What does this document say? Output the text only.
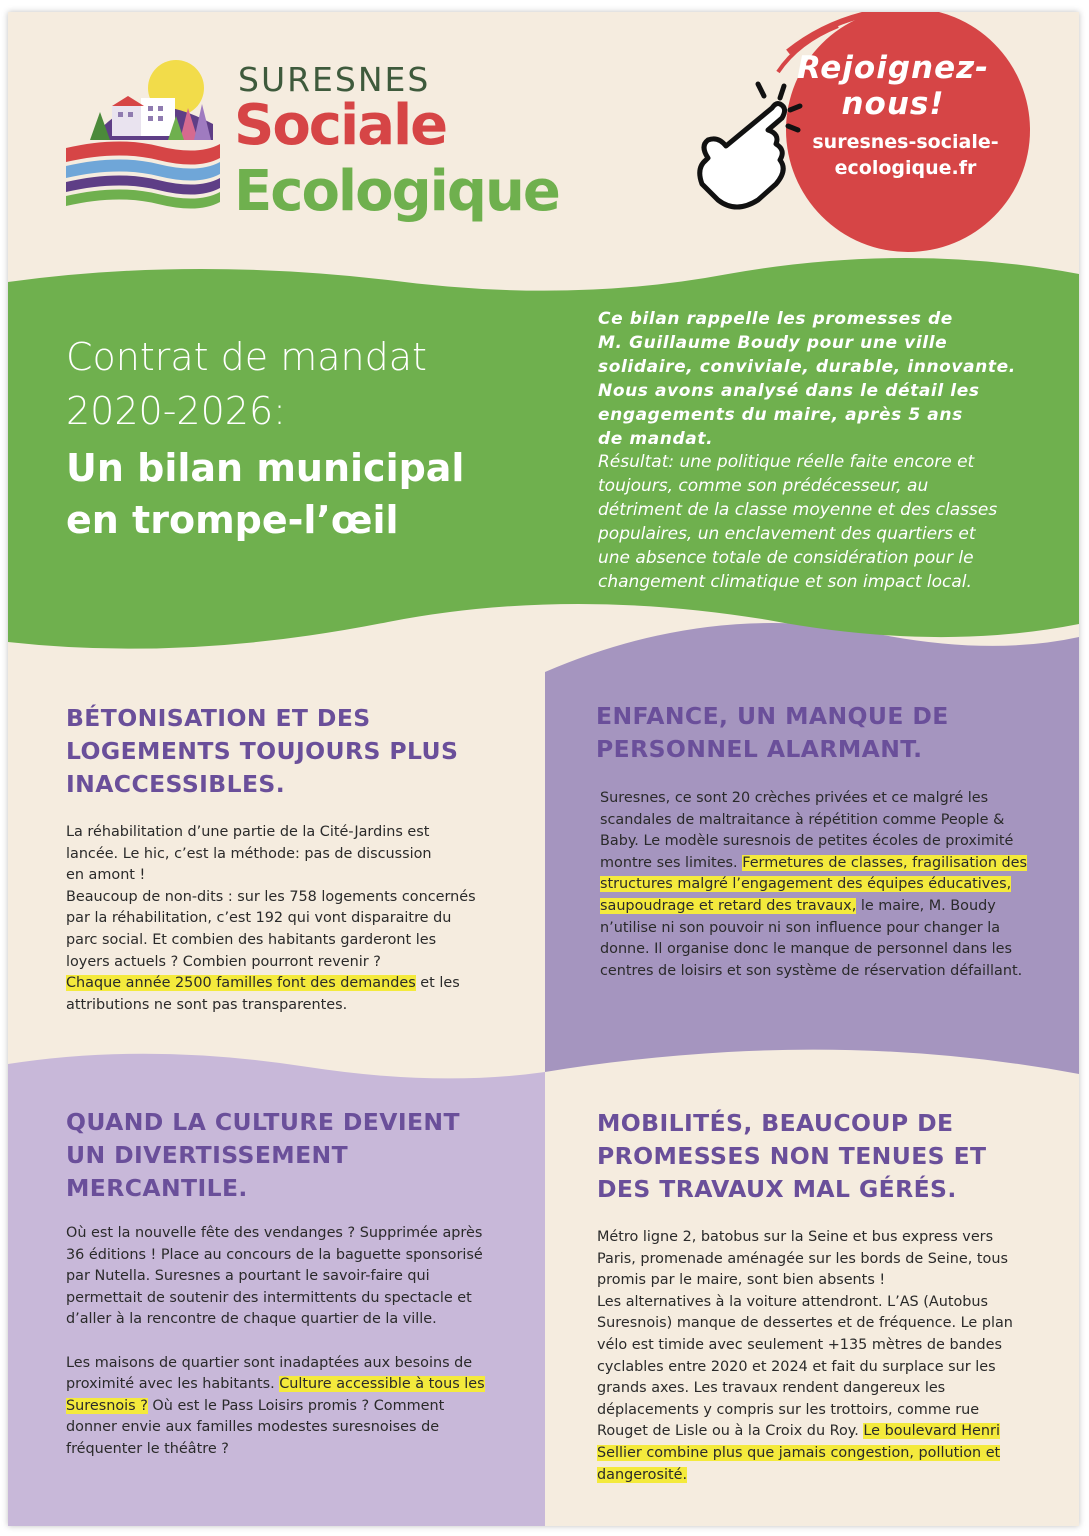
SURESNES
Sociale
Ecologique
Rejoignez-nous!
suresnes-sociale-
ecologique.fr
Contrat de mandat
2020-2026:
Un bilan municipal
en trompe-l’œil
Ce bilan rappelle les promesses de
M. Guillaume Boudy pour une ville
solidaire, conviviale, durable, innovante.
Nous avons analysé dans le détail les
engagements du maire, après 5 ans
de mandat.
Résultat: une politique réelle faite encore et
toujours, comme son prédécesseur, au
détriment de la classe moyenne et des classes
populaires, un enclavement des quartiers et
une absence totale de considération pour le
changement climatique et son impact local.
BÉTONISATION ET DES
LOGEMENTS TOUJOURS PLUS
INACCESSIBLES.
La réhabilitation d’une partie de la Cité-Jardins est
lancée. Le hic, c’est la méthode: pas de discussion
en amont !
Beaucoup de non-dits : sur les 758 logements concernés
par la réhabilitation, c’est 192 qui vont disparaitre du
parc social. Et combien des habitants garderont les
loyers actuels ? Combien pourront revenir ?
Chaque année 2500 familles font des demandes et les
attributions ne sont pas transparentes.
ENFANCE, UN MANQUE DE
PERSONNEL ALARMANT.
Suresnes, ce sont 20 crèches privées et ce malgré les
scandales de maltraitance à répétition comme People &
Baby. Le modèle suresnois de petites écoles de proximité
montre ses limites. Fermetures de classes, fragilisation des
structures malgré l’engagement des équipes éducatives,
saupoudrage et retard des travaux, le maire, M. Boudy
n’utilise ni son pouvoir ni son influence pour changer la
donne. Il organise donc le manque de personnel dans les
centres de loisirs et son système de réservation défaillant.
QUAND LA CULTURE DEVIENT
UN DIVERTISSEMENT
MERCANTILE.
Où est la nouvelle fête des vendanges ? Supprimée après
36 éditions ! Place au concours de la baguette sponsorisé
par Nutella. Suresnes a pourtant le savoir-faire qui
permettait de soutenir des intermittents du spectacle et
d’aller à la rencontre de chaque quartier de la ville.
Les maisons de quartier sont inadaptées aux besoins de
proximité avec les habitants. Culture accessible à tous les
Suresnois ? Où est le Pass Loisirs promis ? Comment
donner envie aux familles modestes suresnoises de
fréquenter le théâtre ?
MOBILITÉS, BEAUCOUP DE
PROMESSES NON TENUES ET
DES TRAVAUX MAL GÉRÉS.
Métro ligne 2, batobus sur la Seine et bus express vers
Paris, promenade aménagée sur les bords de Seine, tous
promis par le maire, sont bien absents !
Les alternatives à la voiture attendront. L’AS (Autobus
Suresnois) manque de dessertes et de fréquence. Le plan
vélo est timide avec seulement +135 mètres de bandes
cyclables entre 2020 et 2024 et fait du surplace sur les
grands axes. Les travaux rendent dangereux les
déplacements y compris sur les trottoirs, comme rue
Rouget de Lisle ou à la Croix du Roy. Le boulevard Henri
Sellier combine plus que jamais congestion, pollution et
dangerosité.
